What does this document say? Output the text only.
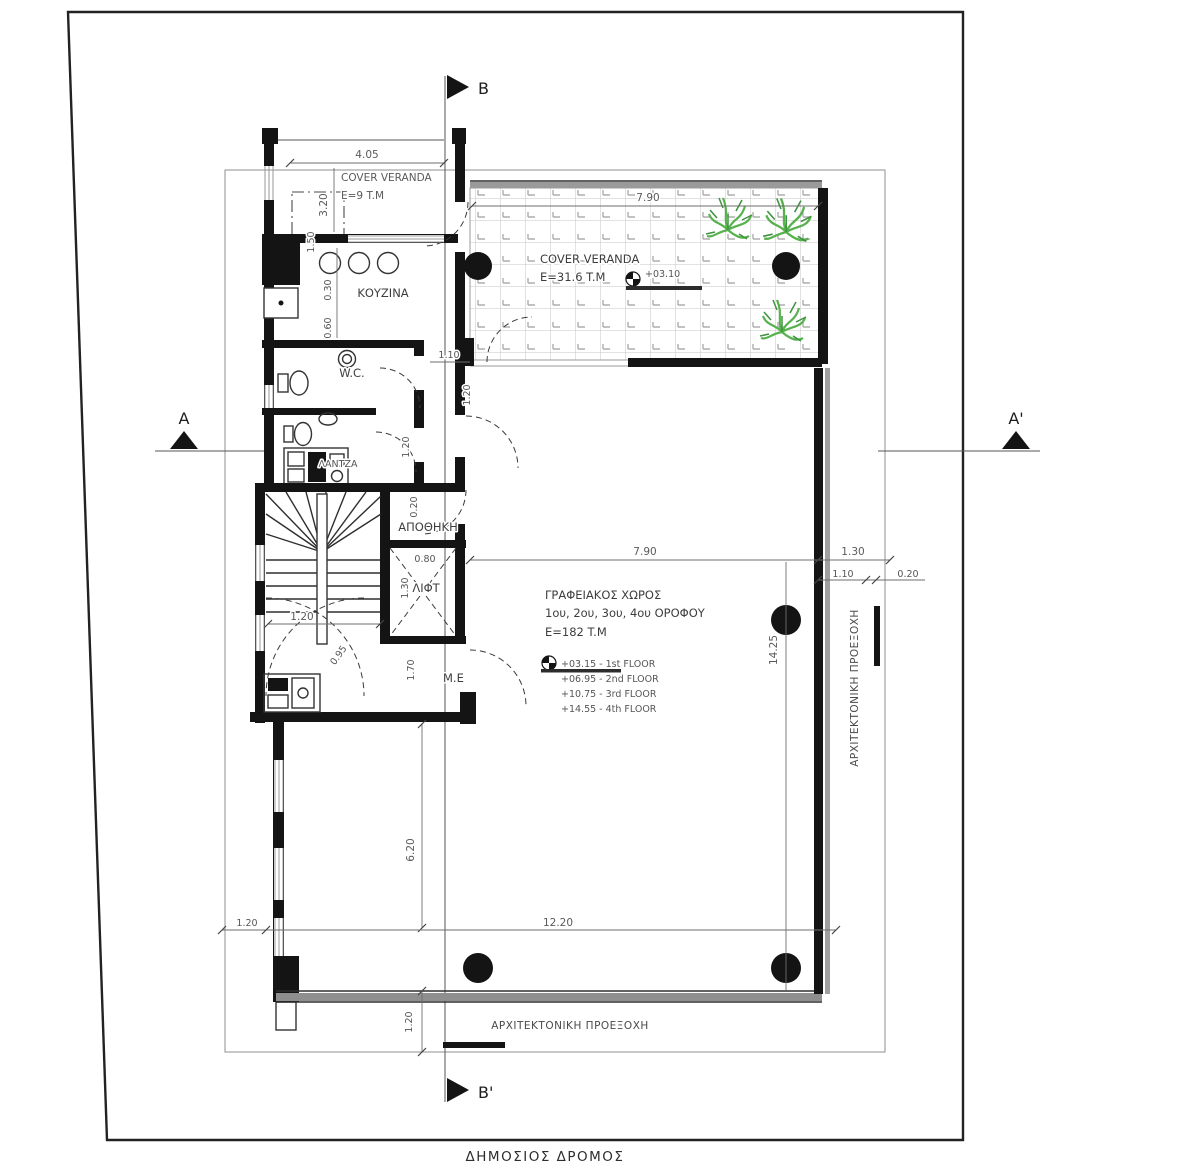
B
B'
A	A'
7.90
COVER VERANDA
E=31.6 T.M	+03.10
4.05
COVER VERANDA
E=9 T.M
3.20
1.50
ΚΟΥΖΙΝΑ
0.30
0.60
W.C.
ΛΑΝΤΖΑ
1.10
1.20
1.20
1.20
0.95
0.20
ΑΠΟΘΗΚΗ
0.80
1.30 ΛΙΦΤ
1.70 M.E
ΓΡΑΦΕΙΑΚΟΣ ΧΩΡΟΣ
1ου, 2ου, 3ου, 4ου ΟΡΟΦΟΥ
E=182 T.M
+03.15 - 1st FLOOR
+06.95 - 2nd FLOOR
+10.75 - 3rd FLOOR
+14.55 - 4th FLOOR
7.90	1.30
1.10	0.20
14.25	ΑΡΧΙΤΕΚΤΟΝΙΚΗ ΠΡΟΕΞΟΧΗ
6.20
1.20	12.20
1.20	ΑΡΧΙΤΕΚΤΟΝΙΚΗ ΠΡΟΕΞΟΧΗ
ΔΗΜΟΣΙΟΣ ΔΡΟΜΟΣ
